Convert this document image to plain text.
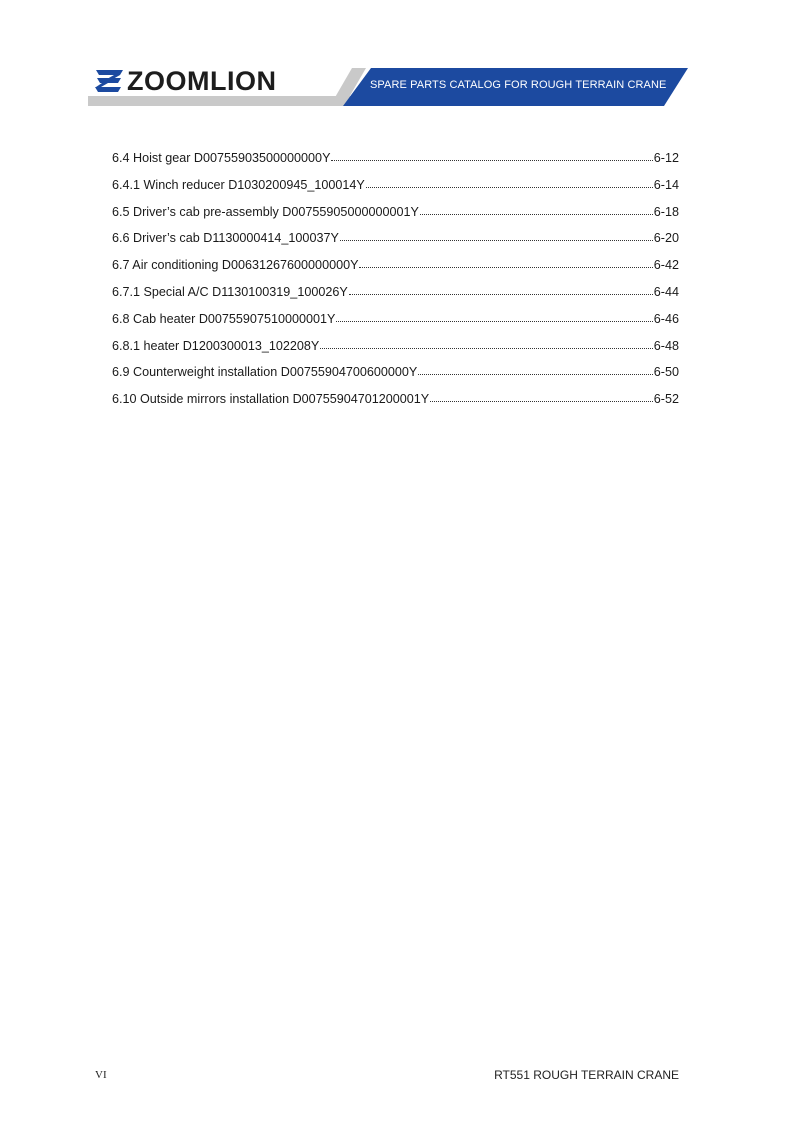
ZOOMLION	SPARE PARTS CATALOG FOR ROUGH TERRAIN CRANE
6.4 Hoist gear D00755903500000000Y	6-12
6.4.1 Winch reducer D1030200945_100014Y	6-14
6.5 Driver’s cab pre-assembly D00755905000000001Y	6-18
6.6 Driver’s cab D1130000414_100037Y	6-20
6.7 Air conditioning D00631267600000000Y	6-42
6.7.1 Special A/C D1130100319_100026Y	6-44
6.8 Cab heater D00755907510000001Y	6-46
6.8.1 heater D1200300013_102208Y	6-48
6.9 Counterweight installation D00755904700600000Y	6-50
6.10 Outside mirrors installation D00755904701200001Y	6-52
VI	RT551 ROUGH TERRAIN CRANE
